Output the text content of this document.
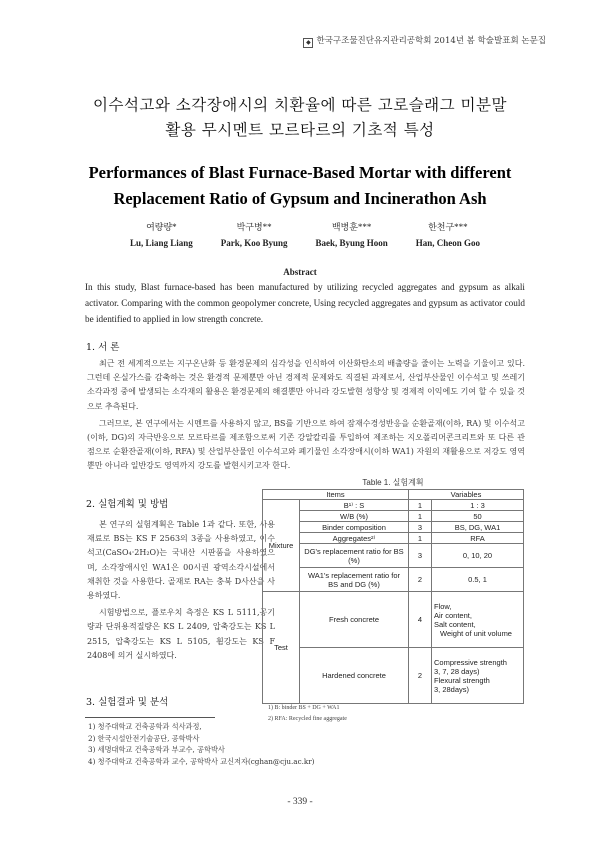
◆ 한국구조물진단유지관리공학회 2014년 봄 학술발표회 논문집
이수석고와 소각장애시의 치환율에 따른 고로슬래그 미분말
활용 무시멘트 모르타르의 기초적 특성
Performances of Blast Furnace-Based Mortar with different
Replacement Ratio of Gypsum and Incinerathon Ash
여량량*
Lu, Liang Liang
박구병**
Park, Koo Byung
백병훈***
Baek, Byung Hoon
한천구***
Han, Cheon Goo
Abstract
In this study, Blast furnace-based has been manufactured by utilizing recycled aggregates and gypsum as alkali activator. Comparing with the common geopolymer concrete, Using recycled aggregates and gypsum as activator could be identified to applied in low strength concrete.
1. 서 론
최근 전 세계적으로는 지구온난화 등 환경문제의 심각성을 인식하여 이산화탄소의 배출량을 줄이는 노력을 기울이고 있다. 그런데 온실가스를 감축하는 것은 환경적 문제뿐만 아닌 경제적 문제와도 직결된 과제로서, 산업부산물인 이수석고 및 쓰레기 소각과정 중에 발생되는 소각재의 활용은 환경문제의 해결뿐만 아니라 강도발현 성향상 및 경제적 이익에도 기여 할 수 있을 것으로 추측된다.
그러므로, 본 연구에서는 시멘트를 사용하지 않고, BS를 기반으로 하여 잠재수경성반응을 순환골재(이하, RA) 및 이수석고(이하, DG)의 자극반응으로 모르타르를 제조함으로써 기존 강알칼리를 투입하여 제조하는 지오폴리머콘크리트와 또 다른 관점으로 순환잔골재(이하, RFA) 및 산업부산물인 이수석고와 폐기물인 소각장애시(이하 WA1) 자원의 재활용으로 저강도 영역뿐만 아니라 일반강도 영역까지 강도를 발현시키고자 한다.
2. 실험계획 및 방법
본 연구의 실험계획은 Table 1과 같다. 또한, 사용재료로 BS는 KS F 2563의 3종을 사용하였고, 이수석고(CaSO₄·2H₂O)는 국내산 시판품을 사용하였으며, 소각장애시인 WA1은 00시권 광역소각시설에서 채취한 것을 사용한다. 골재로 RA는 충북 D사산을 사용하였다.
시험방법으로, 플로우치 측정은 KS L 5111,공기량과 단위용적질량은 KS L 2409, 압축강도는 KS L 2515, 압축강도는 KS L 5105, 휨강도는 KS F 2408에 의거 실시하였다.
3. 실험결과 및 분석
Table 1. 실험계획
Items		Variables	
Mixture	B¹⁾ : S	1	1 : 3
	W/B (%)	1	50
	Binder composition	3	BS, DG, WA1
	Aggregates²⁾	1	RFA
	DG's replacement ratio for BS (%)	3	0, 10, 20
	WA1's replacement ratio for BS and DG (%)	2	0.5, 1
Test	Fresh concrete	4	Flow,
Air content,
Salt content,
Weight of unit volume

	Hardened concrete	2	Compressive strength
3, 7, 28 days)
Flexural strength
3, 28days)
1) B: binder BS + DG + WA1
2) RFA: Recycled fine aggregate
1) 청주대학교 건축공학과 석사과정,
2) 한국시설안전기술공단, 공학박사
3) 세명대학교 건축공학과 부교수, 공학박사
4) 청주대학교 건축공학과 교수, 공학박사 교신저자(cghan@cju.ac.kr)
- 339 -
